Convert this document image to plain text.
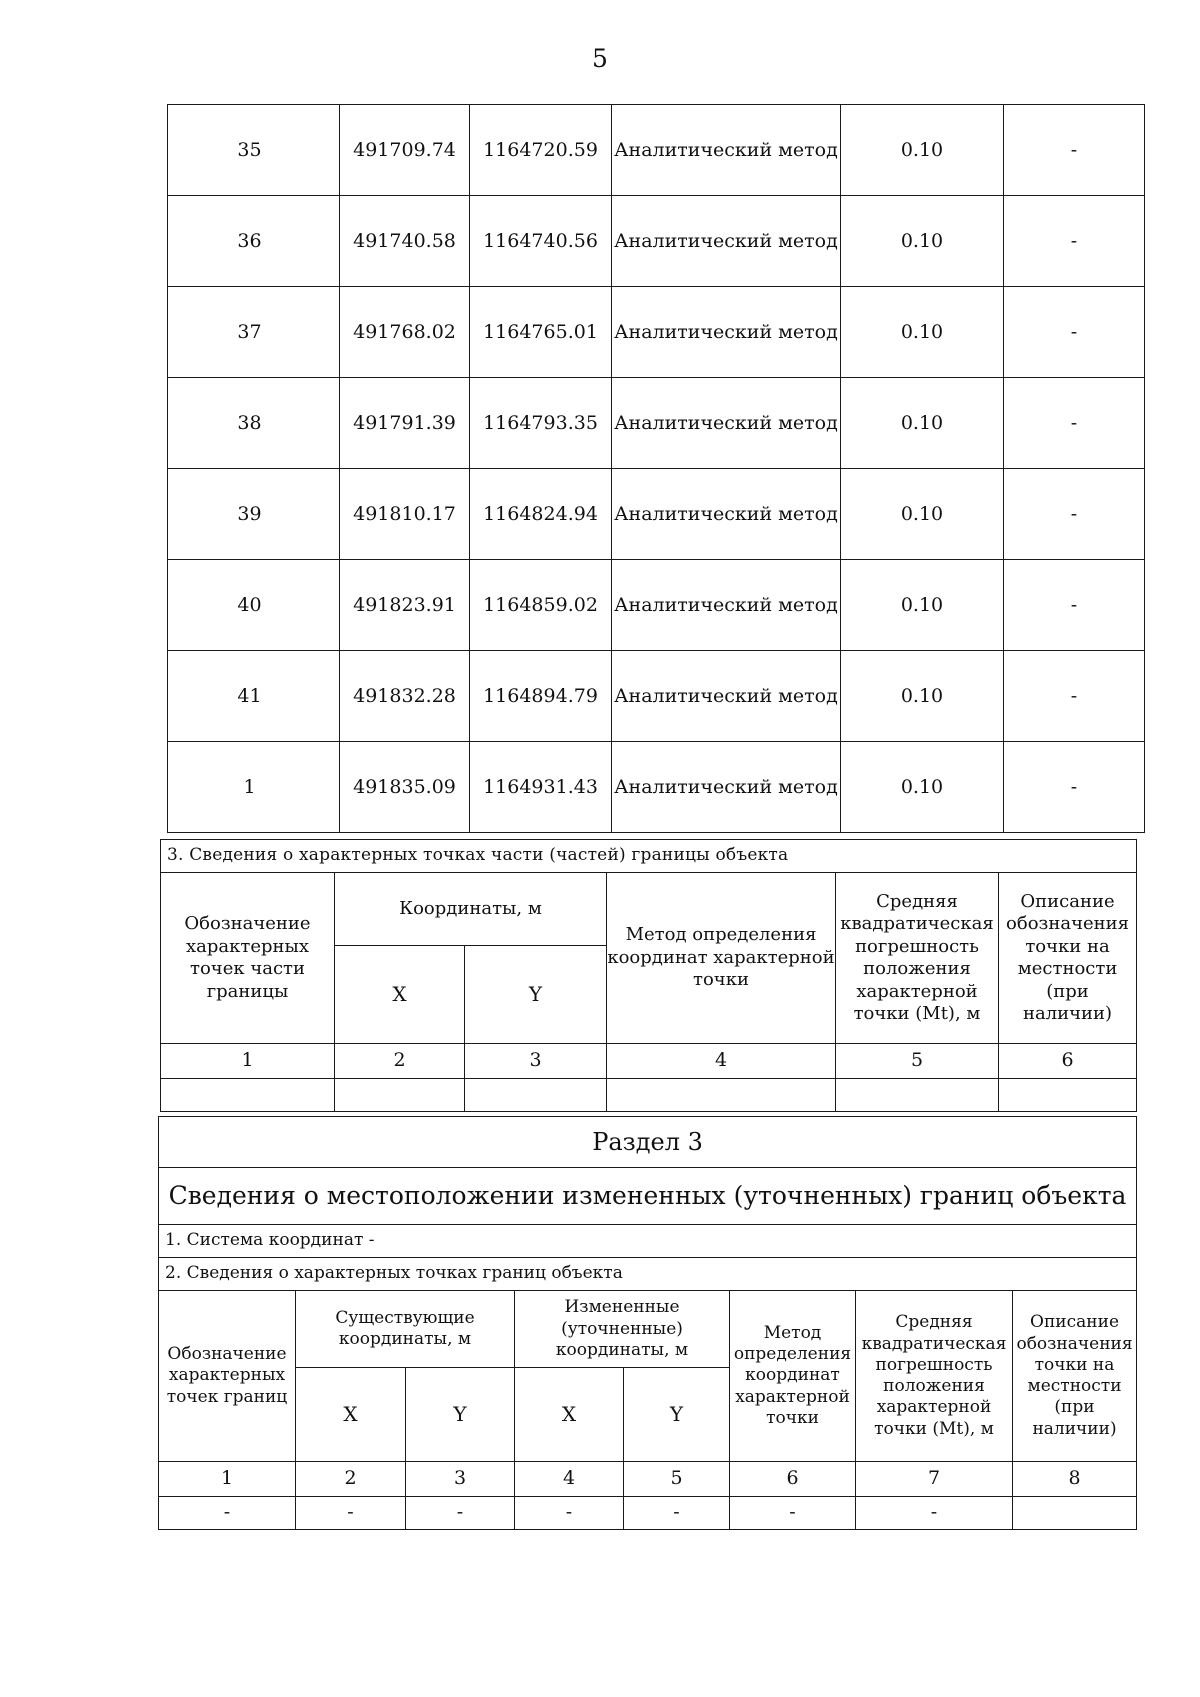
5
35	491709.74	1164720.59	Аналитический метод	0.10	-
36	491740.58	1164740.56	Аналитический метод	0.10	-
37	491768.02	1164765.01	Аналитический метод	0.10	-
38	491791.39	1164793.35	Аналитический метод	0.10	-
39	491810.17	1164824.94	Аналитический метод	0.10	-
40	491823.91	1164859.02	Аналитический метод	0.10	-
41	491832.28	1164894.79	Аналитический метод	0.10	-
1	491835.09	1164931.43	Аналитический метод	0.10	-
3. Сведения о характерных точках части (частей) границы объекта					
Обозначение характерных точек части границы	Координаты, м		Метод определения координат характерной точки	Средняя квадратическая погрешность положения характерной точки (Mt), м	Описание обозначения точки на местности (при наличии)
	X	Y			
1	2	3	4	5	6

Раздел 3							
Сведения о местоположении измененных (уточненных) границ объекта							
1. Система координат -							
2. Сведения о характерных точках границ объекта							
Обозначение характерных точек границ	Существующие координаты, м		Измененные (уточненные) координаты, м		Метод определения координат характерной точки	Средняя квадратическая погрешность положения характерной точки (Mt), м	Описание обозначения точки на местности (при наличии)
	X	Y	X	Y			
1	2	3	4	5	6	7	8
-	-	-	-	-	-	-	
